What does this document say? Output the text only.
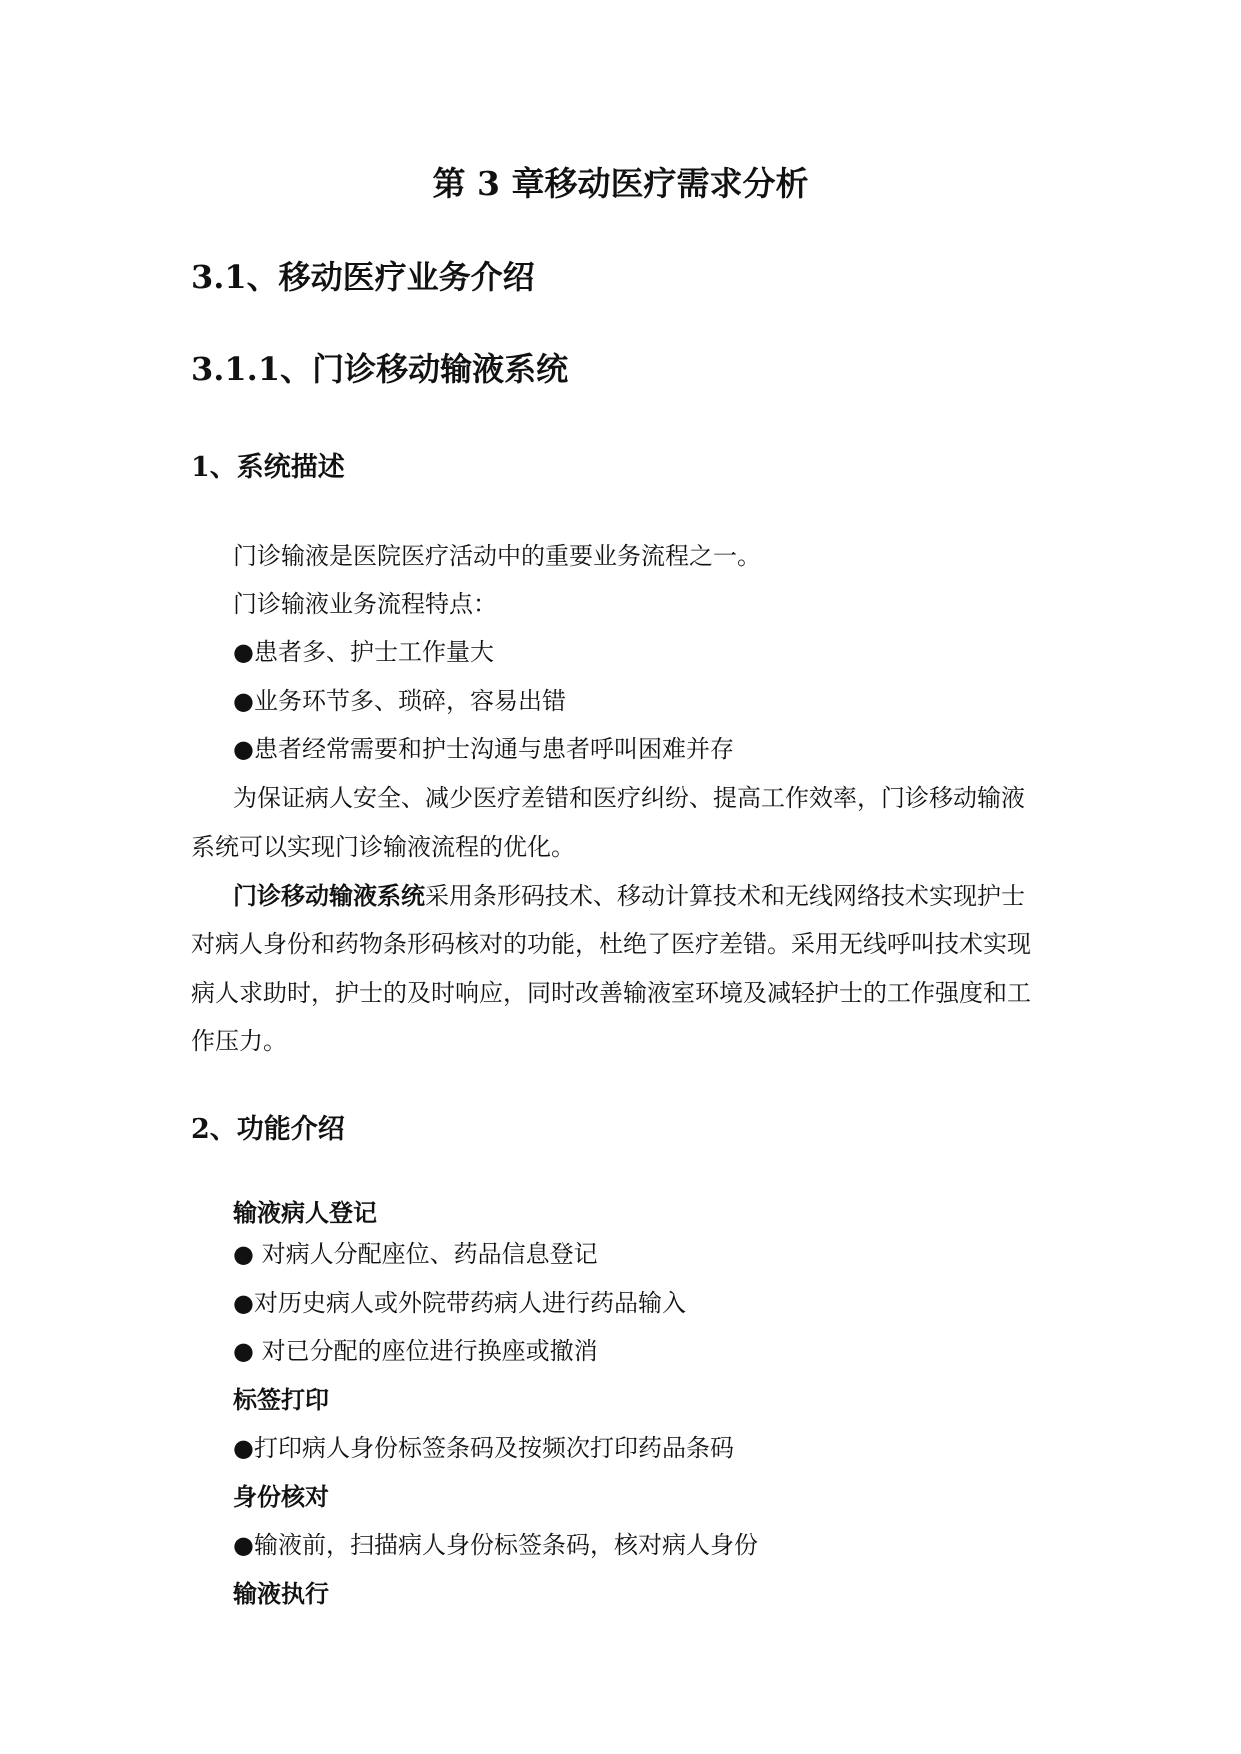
第 3 章移动医疗需求分析
3.1、移动医疗业务介绍
3.1.1、门诊移动输液系统
1、系统描述
门诊输液是医院医疗活动中的重要业务流程之一。
门诊输液业务流程特点：
●患者多、护士工作量大
●业务环节多、琐碎，容易出错
●患者经常需要和护士沟通与患者呼叫困难并存
为保证病人安全、减少医疗差错和医疗纠纷、提高工作效率，门诊移动输液
系统可以实现门诊输液流程的优化。
门诊移动输液系统采用条形码技术、移动计算技术和无线网络技术实现护士
对病人身份和药物条形码核对的功能，杜绝了医疗差错。采用无线呼叫技术实现
病人求助时，护士的及时响应，同时改善输液室环境及减轻护士的工作强度和工
作压力。
2、功能介绍
输液病人登记
● 对病人分配座位、药品信息登记
●对历史病人或外院带药病人进行药品输入
● 对已分配的座位进行换座或撤消
标签打印
●打印病人身份标签条码及按频次打印药品条码
身份核对
●输液前，扫描病人身份标签条码，核对病人身份
输液执行
